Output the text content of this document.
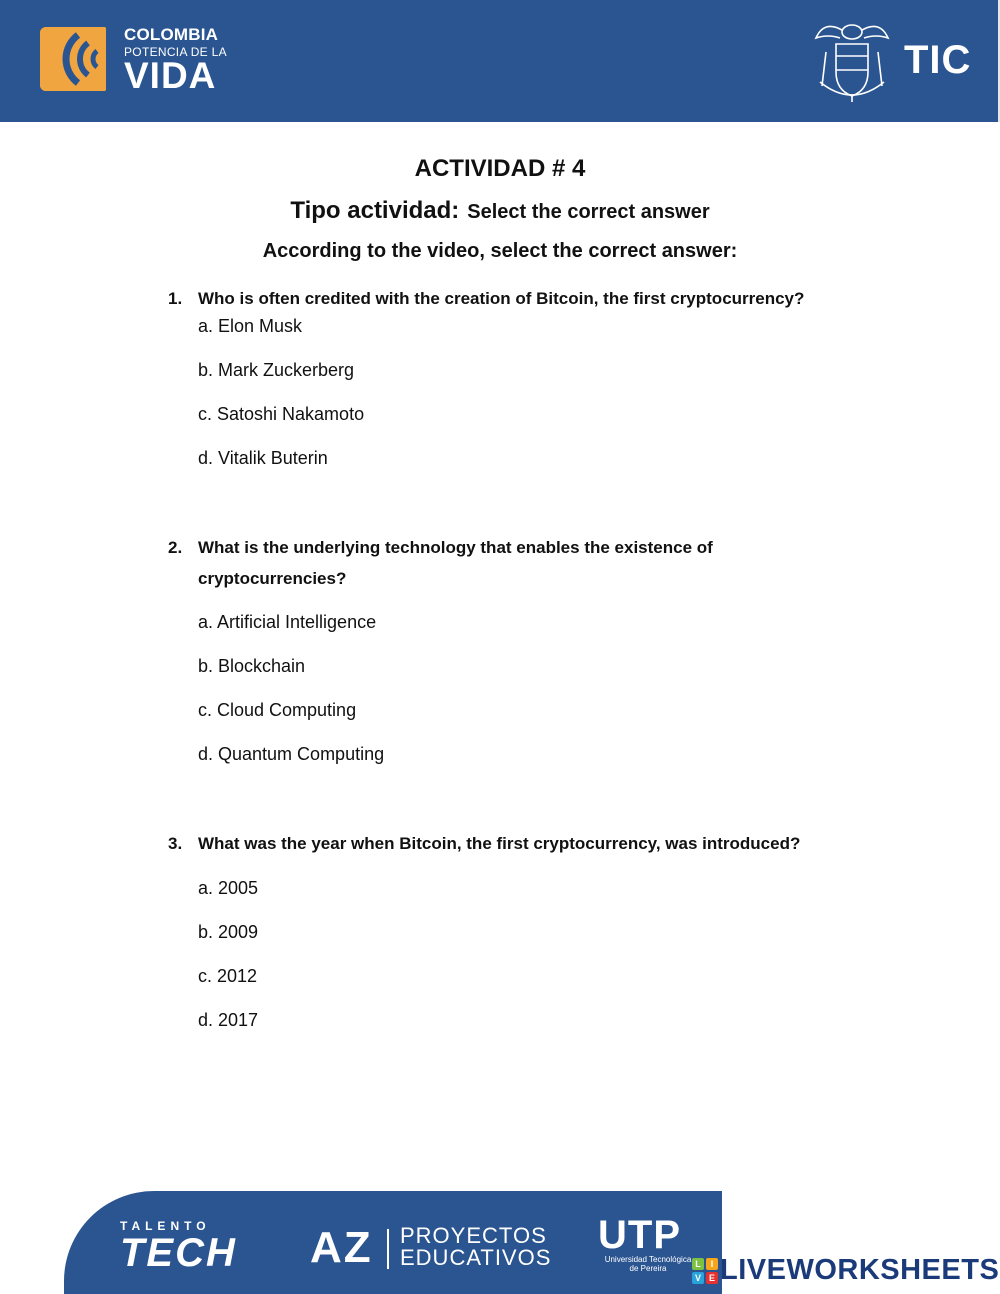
COLOMBIA
POTENCIA DE LA
VIDA	TIC
ACTIVIDAD # 4
Tipo actividad: Select the correct answer
According to the video, select the correct answer:
1. Who is often credited with the creation of Bitcoin, the first cryptocurrency?
a. Elon Musk
b. Mark Zuckerberg
c. Satoshi Nakamoto
d. Vitalik Buterin
2. What is the underlying technology that enables the existence of
cryptocurrencies?
a. Artificial Intelligence
b. Blockchain
c. Cloud Computing
d. Quantum Computing
3. What was the year when Bitcoin, the first cryptocurrency, was introduced?
a. 2005
b. 2009
c. 2012
d. 2017
TALENTO
TECH AZ PROYECTOS
EDUCATIVOS
UTP
Universidad Tecnológica
de Pereira	L	I
V E LIVEWORKSHEETS
